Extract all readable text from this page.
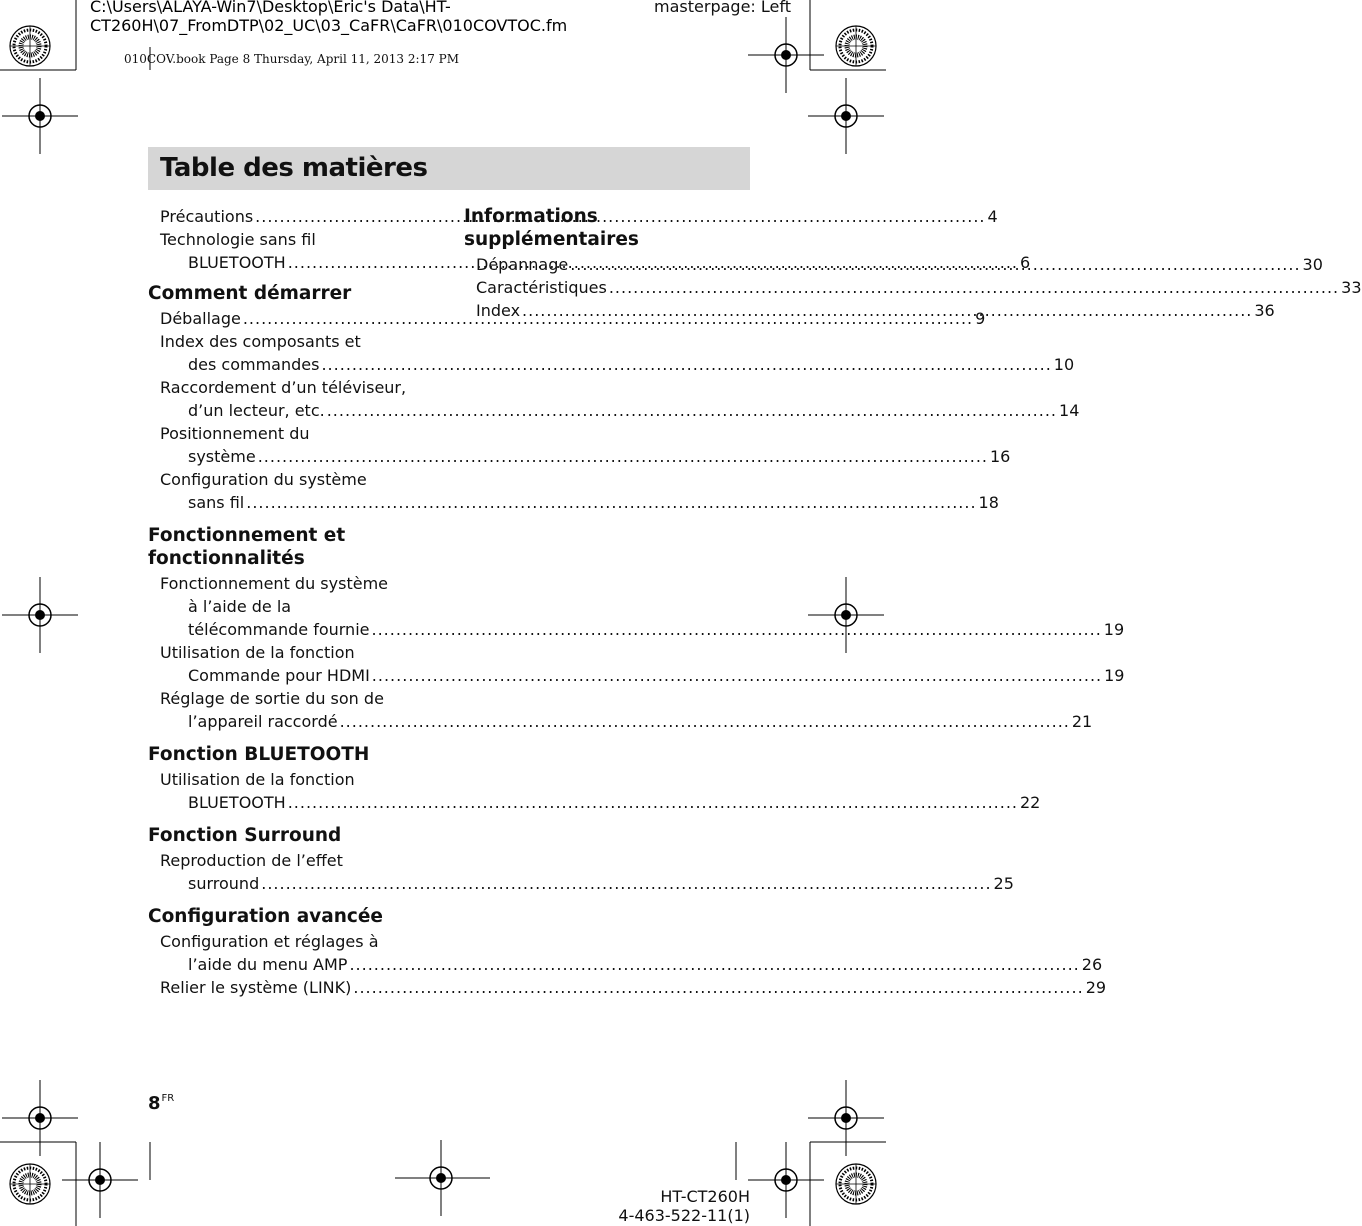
C:\Users\ALAYA-Win7\Desktop\Eric's Data\HT-
CT260H\07_FromDTP\02_UC\03_CaFR\CaFR\010COVTOC.fm
masterpage: Left
010COV.book Page 8 Thursday, April 11, 2013 2:17 PM
Table des matières
Précautions .....	4
Technologie sans fil
BLUETOOTH .....	6
Comment démarrer
Déballage .....	9
Index des composants et
des commandes .....	10
Raccordement d’un téléviseur,
d’un lecteur, etc. .....	14
Positionnement du
système .....	16
Configuration du système
sans fil .....	18
Fonctionnement et fonctionnalités
Fonctionnement du système
à l’aide de la
télécommande fournie .....	19
Utilisation de la fonction
Commande pour HDMI .....	19
Réglage de sortie du son de
l’appareil raccordé .....	21
Fonction BLUETOOTH
Utilisation de la fonction
BLUETOOTH .....	22
Fonction Surround
Reproduction de l’effet
surround .....	25
Configuration avancée
Configuration et réglages à
l’aide du menu AMP .....	26
Relier le système (LINK) .....	29
Informations supplémentaires
Dépannage .....	30
Caractéristiques .....	33
Index .....	36
$8^{FR}$
HT-CT260H
4-463-522-11(1)
